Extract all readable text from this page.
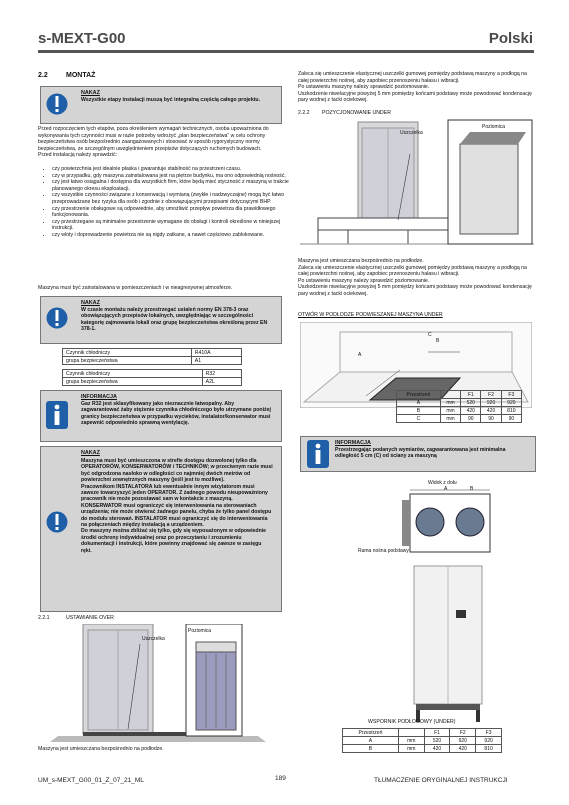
s-MEXT-G00	Polski
2.2	MONTAŻ
NAKAZ
Wszystkie etapy instalacji muszą być integralną częścią całego projektu.
Przed rozpoczęciem tych etapów, poza określeniem wymagań technicznych, osoba upoważniona do wykonywania tych czynności musi w razie potrzeby wdrożyć „plan bezpieczeństwa” w celu ochrony bezpieczeństwa osób bezpośrednio zaangażowanych i stosować w sposób rygorystyczny normy bezpieczeństwa, ze szczególnym uwzględnieniem przepisów dotyczących ruchomych budowach.
Przed instalacją należy sprawdzić:
• czy powierzchnia jest idealnie płaska i gwarantuje stabilność na przestrzeni czasu.
• czy w przypadku, gdy maszyna zainstalowana jest na piętrze budynku, ma ono odpowiednią nośność.
• czy jest łatwo osiągalna i dostępna dla wszystkich firm, które będą mieć styczność z maszyną w trakcie planowanego okresu eksploatacji.
• czy wszystkie czynności związane z konserwacją i wymianą (zwykłe i nadzwyczajne) mogą być łatwo przeprowadzane bez ryzyka dla osób i zgodnie z obowiązującymi przepisami dotyczącymi BHP.
• czy przestrzenie obsługowe są odpowiednie, aby umożliwić przepływ powietrza dla prawidłowego funkcjonowania.
• czy przestrzegane są minimalne przestrzenie wymagane do obsługi i kontroli określone w niniejszej instrukcji.
• czy wloty i doprowadzenie powietrza nie są nigdy zatkane, a nawet częściowo zablokowane.
Maszyna musi być zainstalowana w pomieszczeniach i w nieagresywnej atmosferze.
NAKAZ
W czasie montażu należy przestrzegać ustaleń normy EN 378-3 oraz obowiązujących przepisów lokalnych, uwzględniając w szczególności kategorię zajmowania lokali oraz grupę bezpieczeństwa określoną przez EN 378-1.
Czynnik chłodniczy	R410A
grupa bezpieczeństwa	A1
Czynnik chłodniczy	R32
grupa bezpieczeństwa	A2L
INFORMACJA
Gaz R32 jest sklasyfikowany jako nieznacznie łatwopalny. Aby zagwarantować żaby stężenie czynnika chłodniczego było utrzymane poniżej granicy bezpieczeństwa w przypadku wycieków, instalator/konserwator musi zapewnić odpowiednio sprawną wentylację.
NAKAZ
Maszyna musi być umieszczona w strefie dostępu dozwolonej tylko dla OPERATORÓW, KONSERWATORÓW i TECHNIKÓW; w przeciwnym razie musi być odgrodzona nasłoko w odległości co najmniej dwóch metrów od powierzchni zewnętrznych maszyny (jeśli jest to możliwe).
Pracownikom INSTALATORA lub ewentualnie innym wizytatorom musi zawsze towarzyszyć jeden OPERATOR. Z żadnego powodu nieupoważniony pracownik nie może pozostawać sam w kontakcie z maszyną.
KONSERWATOR musi ograniczyć się interweniowania na sterowaniach urządzenia; nie może otwierać żadnego panelu, chyba że tylko panel dostępu do modułu sterowań. INSTALATOR musi ograniczyć się do interweniowania na połączeniach między instalacją a urządzeniem.
Do maszyny można zbliżać się tylko, gdy się wyposażonym w odpowiednie środki ochrony indywidualnej oraz po przeczytaniu i zrozumieniu dokumentacji i instrukcji, które powinny znajdować się zawsze w zasięgu ręki.
2.2.1	USTAWIANIE OVER
Uszczelka
Poziomica
Maszyna jest umieszczana bezpośrednio na podłodze.
Zaleca się umieszczenie elastycznej uszczelki gumowej pomiędzy podstawą maszyny a podłogą na całej powierzchni nośnej, aby zapobiec przenoszeniu hałasu i wibracji.
Po ustawieniu maszyny należy sprawdzić poziomowanie.
Uszkodzenie niwelacyjne powyżej 5 mm pomiędzy końcami podstawy może powodować kondensację pary wodnej z tacki ociekowej.
2.2.2 POZYCJONOWANIE UNDER
Uszczelka
Poziomica
Maszyna jest umieszczana bezpośrednio na podłodze.
Zaleca się umieszczenie elastycznej uszczelki gumowej pomiędzy podstawą maszyny a podłogą na całej powierzchni nośnej, aby zapobiec przenoszeniu hałasu i wibracji.
Po ustawieniu maszyny należy sprawdzić poziomowanie.
Uszkodzenie niwelacyjne powyżej 5 mm pomiędzy końcami podstawy może powodować kondensację pary wodnej z tacki ociekowej.
OTWÓR W PODŁODZE PODWIESZANEJ MASZYNA UNDER
A
B
C
Przestrzeń		F1	F2	F3
A	mm	520	920	920
B	mm	420	420	810
C	mm	90	90	90
INFORMACJA
Przestrzegając podanych wymiarów, zagwarantowana jest minimalna odległość 5 cm (C) od ściany za maszyną
Widok z dołu
A	B
Rama nośna podstawy
WSPORNIK PODŁOGOWY (UNDER)
Przestrzeń		F1	F2	F3
A	mm	520	920	920
B	mm	420	420	810
UM_s-MEXT_G00_01_Z_07_21_ML	189	TŁUMACZENIE ORYGINALNEJ INSTRUKCJI
